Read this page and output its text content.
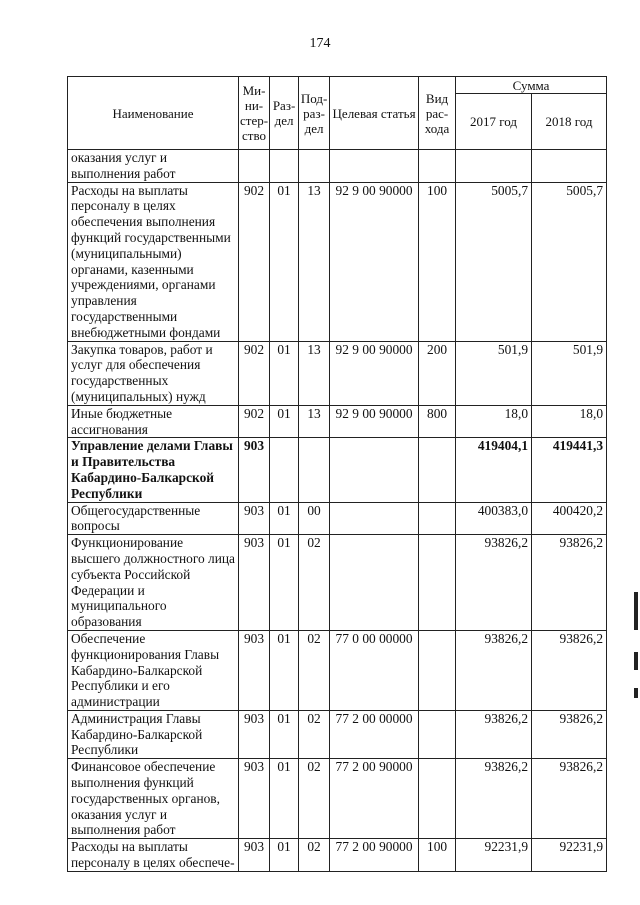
174
Наименование	Ми-ни-стер-ство	Раз-дел	Под-раз-дел	Целевая статья	Вид рас-хода	Сумма	
						2017 год	2018 год
оказания услуг и выполнения работ							
Расходы на выплаты персоналу в целях обеспечения выполнения функций государственными (муниципальными) органами, казенными учреждениями, органами управления государственными внебюджетными фондами	902	01	13	92 9 00 90000	100	5005,7	5005,7
Закупка товаров, работ и услуг для обеспечения государственных (муниципальных) нужд	902	01	13	92 9 00 90000	200	501,9	501,9
Иные бюджетные ассигнования	902	01	13	92 9 00 90000	800	18,0	18,0
Управление делами Главы и Правительства Кабардино-Балкарской Республики	903					419404,1	419441,3
Общегосударственные вопросы	903	01	00			400383,0	400420,2
Функционирование высшего должностного лица субъекта Российской Федерации и муниципального образования	903	01	02			93826,2	93826,2
Обеспечение функционирования Главы Кабардино-Балкарской Республики и его администрации	903	01	02	77 0 00 00000		93826,2	93826,2
Администрация Главы Кабардино-Балкарской Республики	903	01	02	77 2 00 00000		93826,2	93826,2
Финансовое обеспечение выполнения функций государственных органов, оказания услуг и выполнения работ	903	01	02	77 2 00 90000		93826,2	93826,2
Расходы на выплаты персоналу в целях обеспече-	903	01	02	77 2 00 90000	100	92231,9	92231,9
